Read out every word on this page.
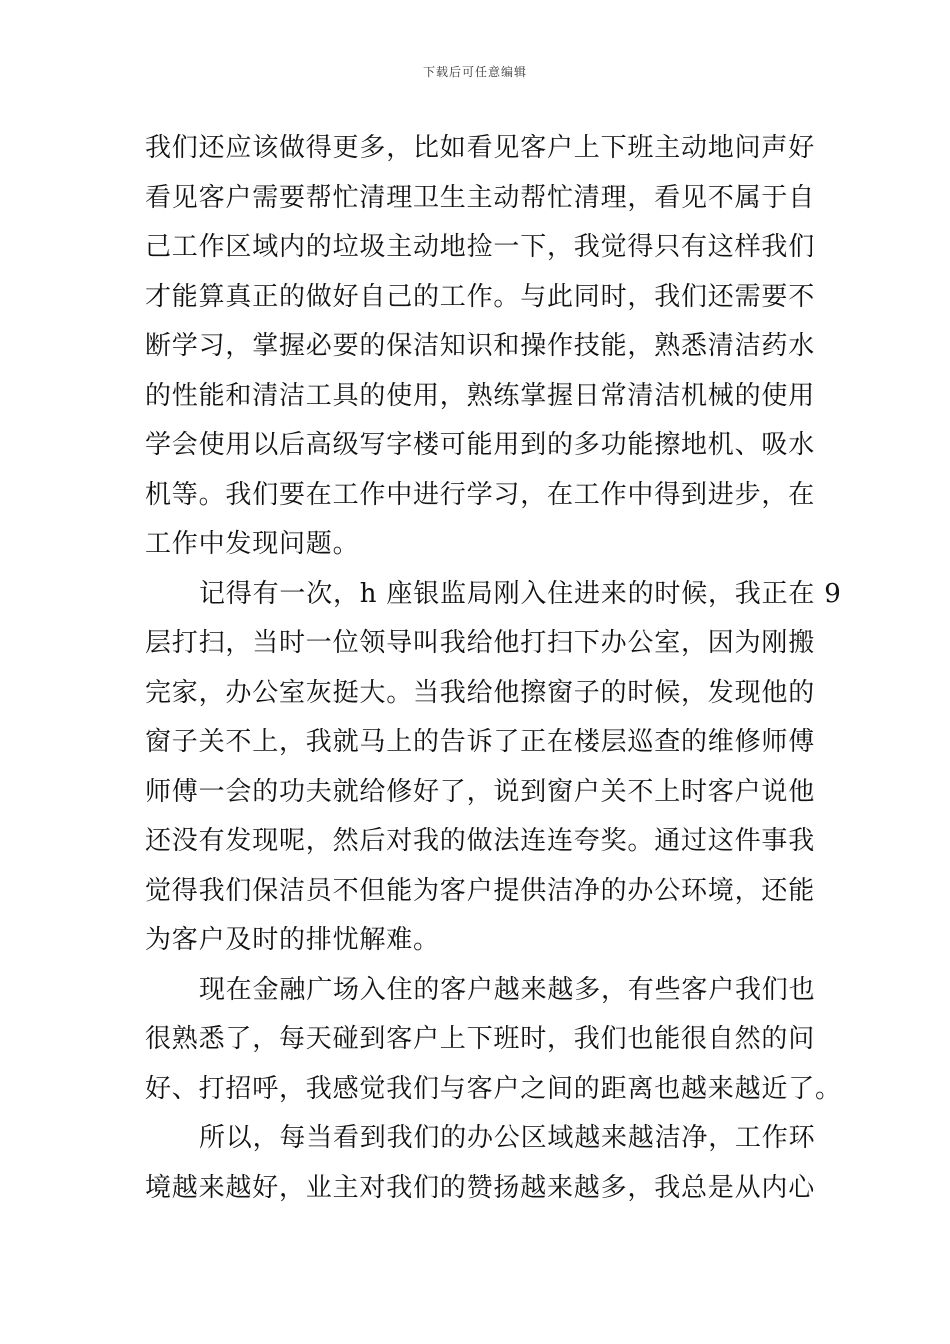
下载后可任意编辑
我们还应该做得更多，比如看见客户上下班主动地问声好
看见客户需要帮忙清理卫生主动帮忙清理，看见不属于自
己工作区域内的垃圾主动地捡一下，我觉得只有这样我们
才能算真正的做好自己的工作。与此同时，我们还需要不
断学习，掌握必要的保洁知识和操作技能，熟悉清洁药水
的性能和清洁工具的使用，熟练掌握日常清洁机械的使用
学会使用以后高级写字楼可能用到的多功能擦地机、吸水
机等。我们要在工作中进行学习，在工作中得到进步，在
工作中发现问题。
记得有一次，h 座银监局刚入住进来的时候，我正在 9
层打扫，当时一位领导叫我给他打扫下办公室，因为刚搬
完家，办公室灰挺大。当我给他擦窗子的时候，发现他的
窗子关不上，我就马上的告诉了正在楼层巡查的维修师傅
师傅一会的功夫就给修好了，说到窗户关不上时客户说他
还没有发现呢，然后对我的做法连连夸奖。通过这件事我
觉得我们保洁员不但能为客户提供洁净的办公环境，还能
为客户及时的排忧解难。
现在金融广场入住的客户越来越多，有些客户我们也
很熟悉了，每天碰到客户上下班时，我们也能很自然的问
好、打招呼，我感觉我们与客户之间的距离也越来越近了。
所以，每当看到我们的办公区域越来越洁净，工作环
境越来越好，业主对我们的赞扬越来越多，我总是从内心
